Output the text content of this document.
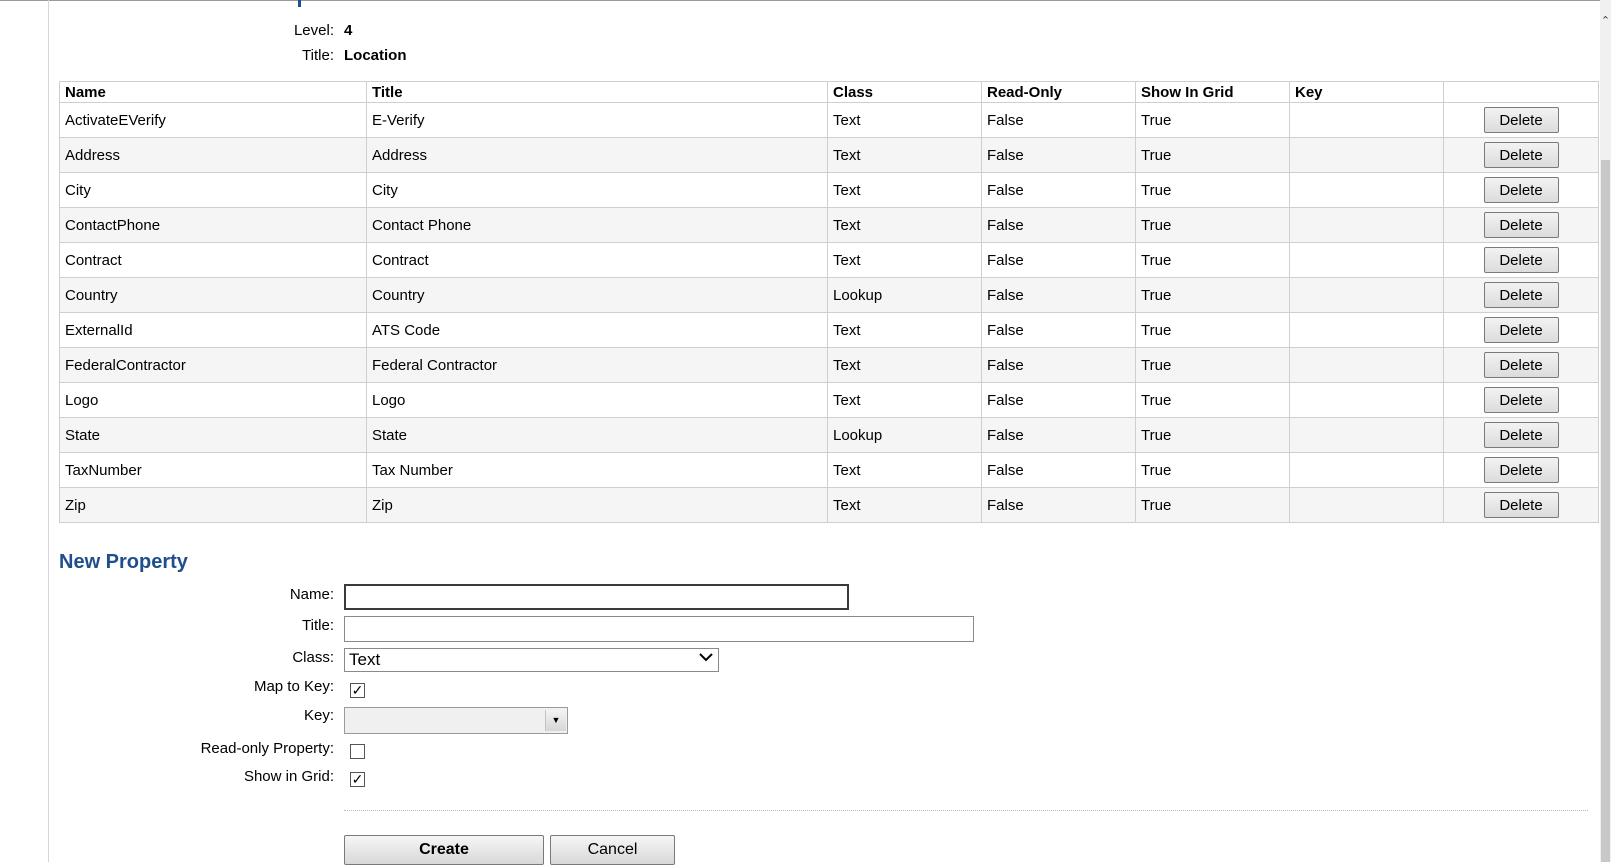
Level: 4
Title: Location
Name	Title	Class	Read-Only	Show In Grid	Key	
ActivateEVerify	E-Verify	Text	False	True		Delete
Address	Address	Text	False	True		Delete
City	City	Text	False	True		Delete
ContactPhone	Contact Phone	Text	False	True		Delete
Contract	Contract	Text	False	True		Delete
Country	Country	Lookup	False	True		Delete
ExternalId	ATS Code	Text	False	True		Delete
FederalContractor	Federal Contractor	Text	False	True		Delete
Logo	Logo	Text	False	True		Delete
State	State	Lookup	False	True		Delete
TaxNumber	Tax Number	Text	False	True		Delete
Zip	Zip	Text	False	True		Delete
New Property
Name:
Title:
Class: Text
Map to Key: ✓
Key:	▼
Read-only Property:
Show in Grid: ✓
Create	Cancel
⌃
